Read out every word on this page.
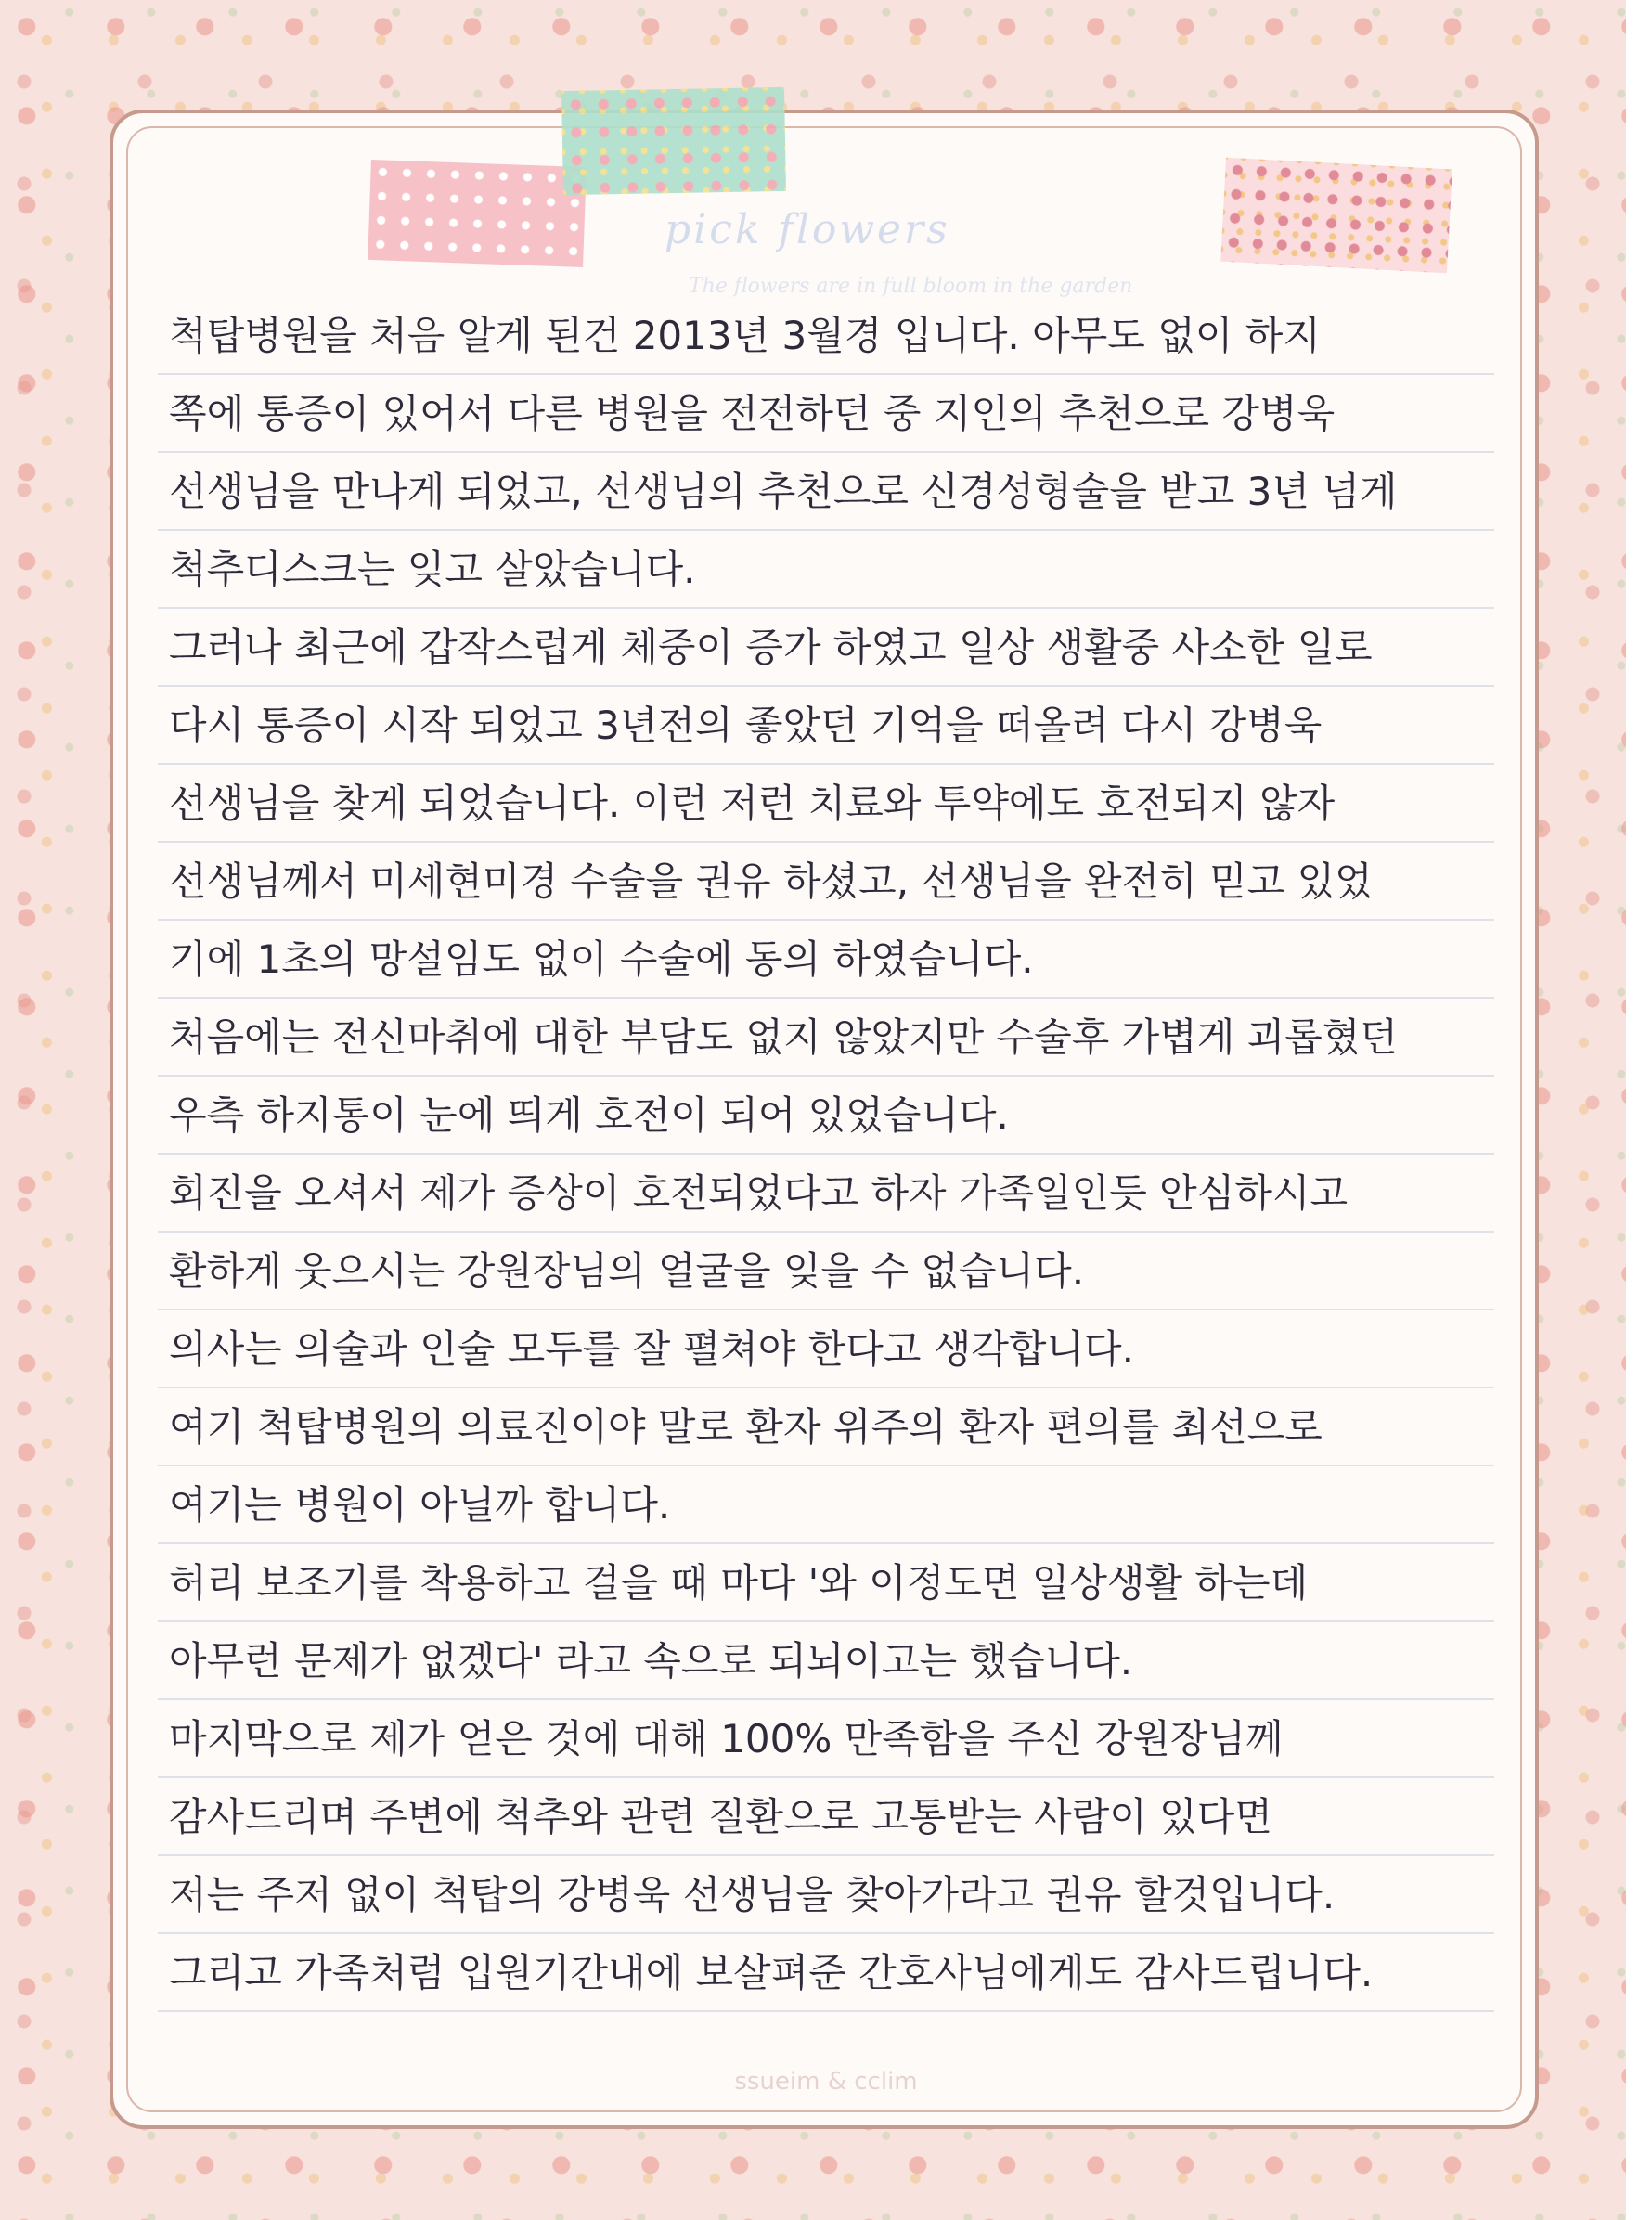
pick flowers
The flowers are in full bloom in the garden
척탑병원을 처음 알게 된건 2013년 3월경 입니다. 아무도 없이 하지
쪽에 통증이 있어서 다른 병원을 전전하던 중 지인의 추천으로 강병욱
선생님을 만나게 되었고, 선생님의 추천으로 신경성형술을 받고 3년 넘게
척추디스크는 잊고 살았습니다.
그러나 최근에 갑작스럽게 체중이 증가 하였고 일상 생활중 사소한 일로
다시 통증이 시작 되었고 3년전의 좋았던 기억을 떠올려 다시 강병욱
선생님을 찾게 되었습니다. 이런 저런 치료와 투약에도 호전되지 않자
선생님께서 미세현미경 수술을 권유 하셨고, 선생님을 완전히 믿고 있었
기에 1초의 망설임도 없이 수술에 동의 하였습니다.
처음에는 전신마취에 대한 부담도 없지 않았지만 수술후 가볍게 괴롭혔던
우측 하지통이 눈에 띄게 호전이 되어 있었습니다.
회진을 오셔서 제가 증상이 호전되었다고 하자 가족일인듯 안심하시고
환하게 웃으시는 강원장님의 얼굴을 잊을 수 없습니다.
의사는 의술과 인술 모두를 잘 펼쳐야 한다고 생각합니다.
여기 척탑병원의 의료진이야 말로 환자 위주의 환자 편의를 최선으로
여기는 병원이 아닐까 합니다.
허리 보조기를 착용하고 걸을 때 마다 '와 이정도면 일상생활 하는데
아무런 문제가 없겠다' 라고 속으로 되뇌이고는 했습니다.
마지막으로 제가 얻은 것에 대해 100% 만족함을 주신 강원장님께
감사드리며 주변에 척추와 관련 질환으로 고통받는 사람이 있다면
저는 주저 없이 척탑의 강병욱 선생님을 찾아가라고 권유 할것입니다.
그리고 가족처럼 입원기간내에 보살펴준 간호사님에게도 감사드립니다.
ssueim & cclim
